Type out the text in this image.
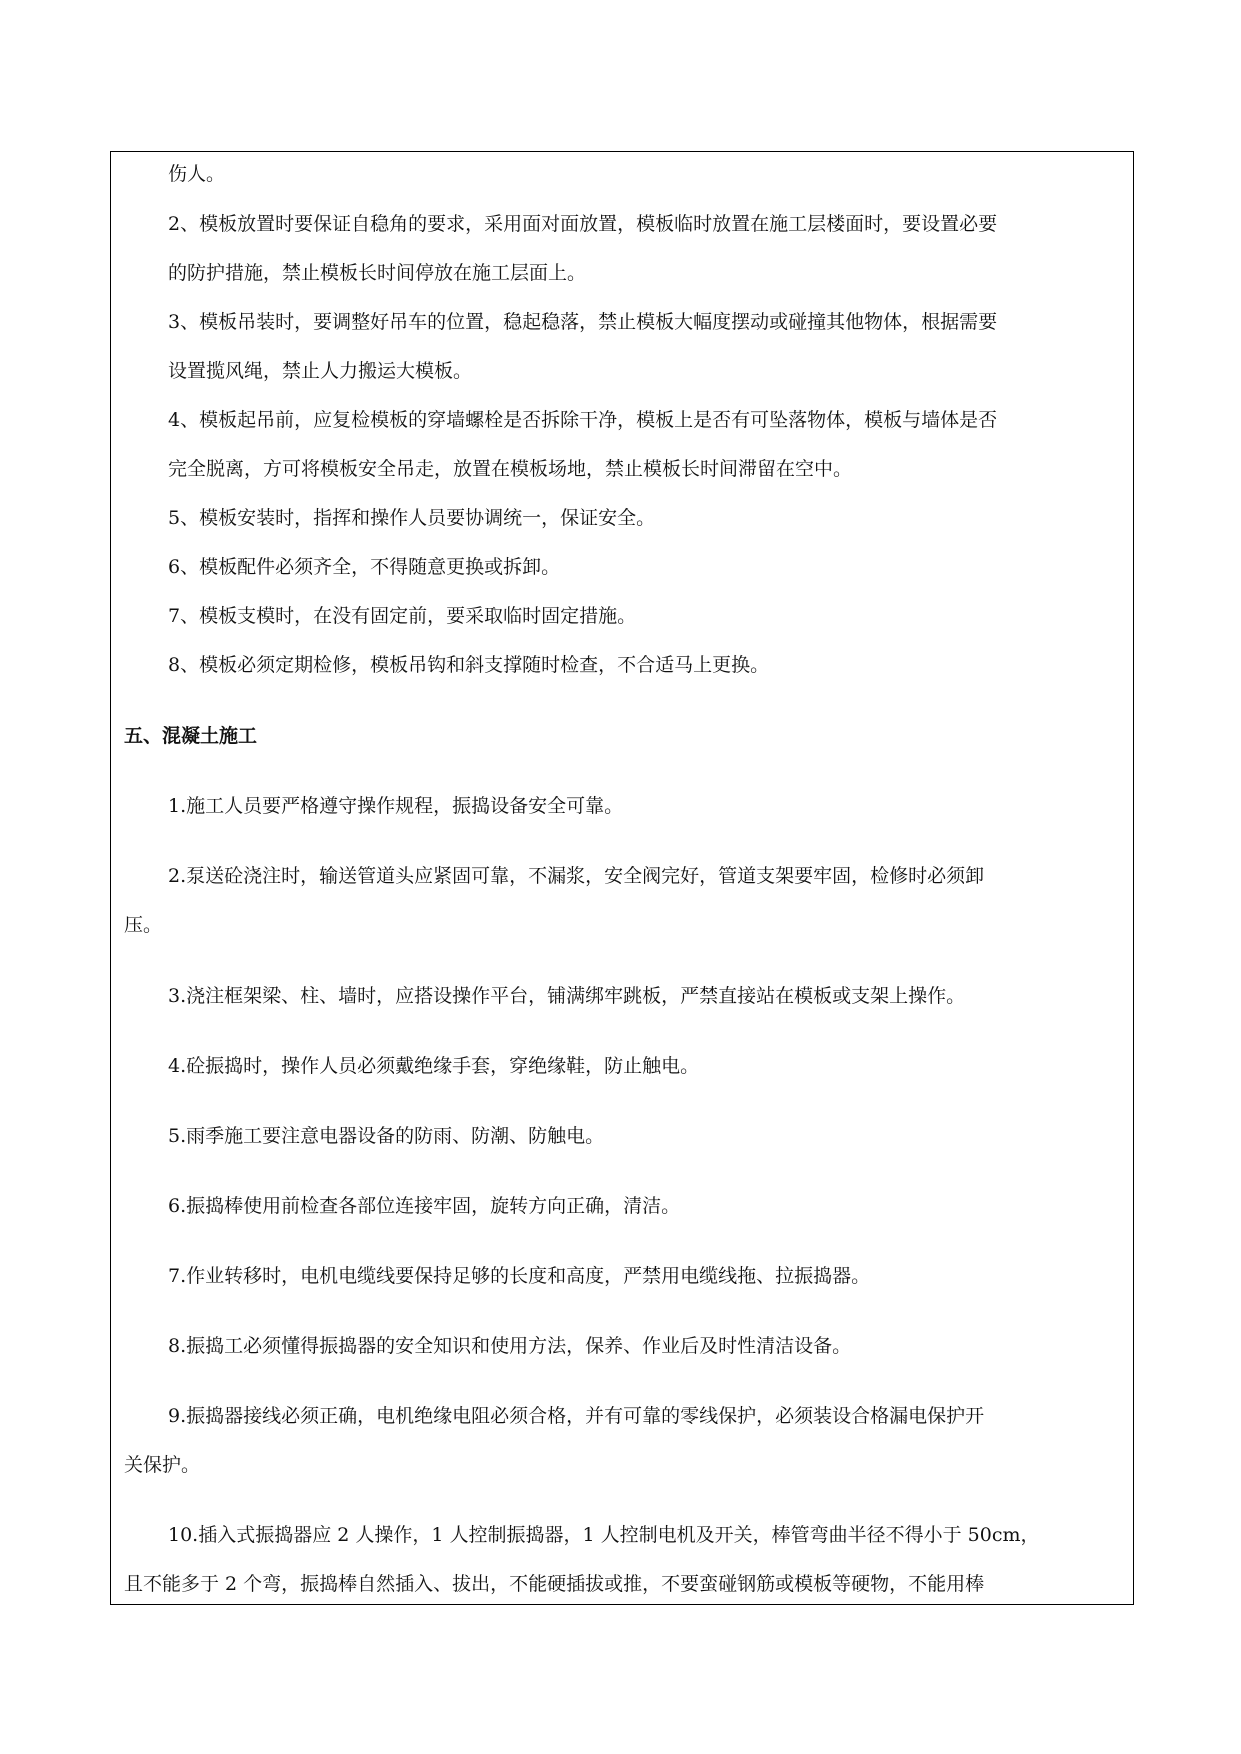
伤人。
2、模板放置时要保证自稳角的要求，采用面对面放置，模板临时放置在施工层楼面时，要设置必要
的防护措施，禁止模板长时间停放在施工层面上。
3、模板吊装时，要调整好吊车的位置，稳起稳落，禁止模板大幅度摆动或碰撞其他物体，根据需要
设置揽风绳，禁止人力搬运大模板。
4、模板起吊前，应复检模板的穿墙螺栓是否拆除干净，模板上是否有可坠落物体，模板与墙体是否
完全脱离，方可将模板安全吊走，放置在模板场地，禁止模板长时间滞留在空中。
5、模板安装时，指挥和操作人员要协调统一，保证安全。
6、模板配件必须齐全，不得随意更换或拆卸。
7、模板支模时，在没有固定前，要采取临时固定措施。
8、模板必须定期检修，模板吊钩和斜支撑随时检查，不合适马上更换。
五、混凝土施工
1.施工人员要严格遵守操作规程，振捣设备安全可靠。
2.泵送砼浇注时，输送管道头应紧固可靠，不漏浆，安全阀完好，管道支架要牢固，检修时必须卸
压。
3.浇注框架梁、柱、墙时，应搭设操作平台，铺满绑牢跳板，严禁直接站在模板或支架上操作。
4.砼振捣时，操作人员必须戴绝缘手套，穿绝缘鞋，防止触电。
5.雨季施工要注意电器设备的防雨、防潮、防触电。
6.振捣棒使用前检查各部位连接牢固，旋转方向正确，清洁。
7.作业转移时，电机电缆线要保持足够的长度和高度，严禁用电缆线拖、拉振捣器。
8.振捣工必须懂得振捣器的安全知识和使用方法，保养、作业后及时性清洁设备。
9.振捣器接线必须正确，电机绝缘电阻必须合格，并有可靠的零线保护，必须装设合格漏电保护开
关保护。
10.插入式振捣器应 2 人操作，1 人控制振捣器，1 人控制电机及开关，棒管弯曲半径不得小于 50cm，
且不能多于 2 个弯，振捣棒自然插入、拔出，不能硬插拔或推，不要蛮碰钢筋或模板等硬物，不能用棒
